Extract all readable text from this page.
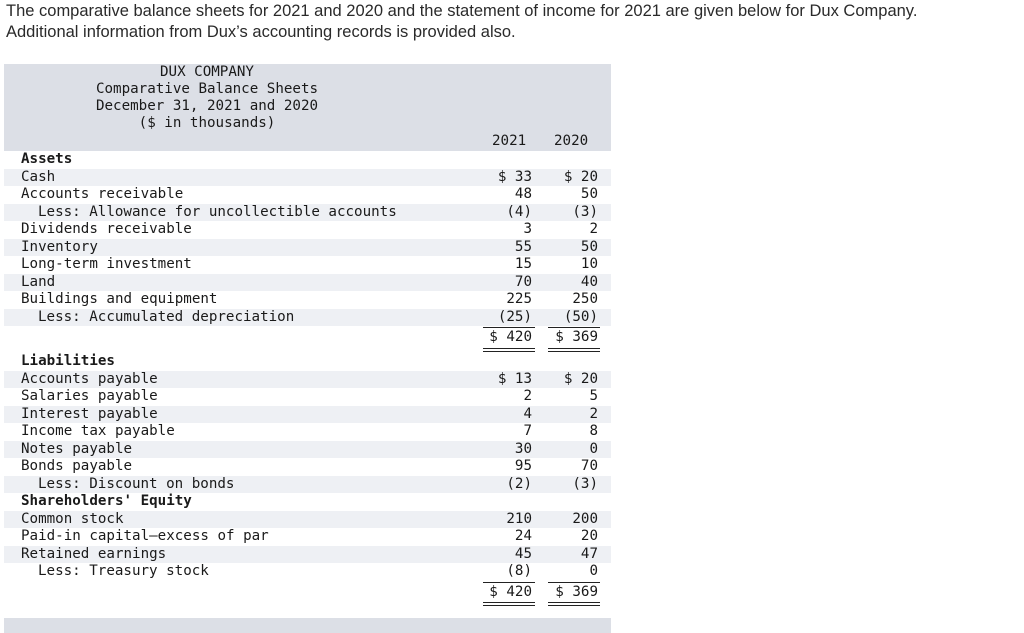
The comparative balance sheets for 2021 and 2020 and the statement of income for 2021 are given below for Dux Company.

Additional information from Dux’s accounting records is provided also.

DUX COMPANY
Comparative Balance Sheets
December 31, 2021 and 2020
($ in thousands)
2021 2020
Assets
Cash	$ 33	$ 20
Accounts receivable	48	50
Less: Allowance for uncollectible accounts	(4)	(3)
Dividends receivable	3	2
Inventory	55	50
Long-term investment	15	10
Land	70	40
Buildings and equipment	225	250
Less: Accumulated depreciation	(25)	(50)
$ 420	$ 369
Liabilities
Accounts payable	$ 13	$ 20
Salaries payable	2	5
Interest payable	4	2
Income tax payable	7	8
Notes payable	30	0
Bonds payable	95	70
Less: Discount on bonds	(2)	(3)
Shareholders' Equity
Common stock	210	200
Paid-in capital—excess of par	24	20
Retained earnings	45	47
Less: Treasury stock	(8)	0
$ 420	$ 369
